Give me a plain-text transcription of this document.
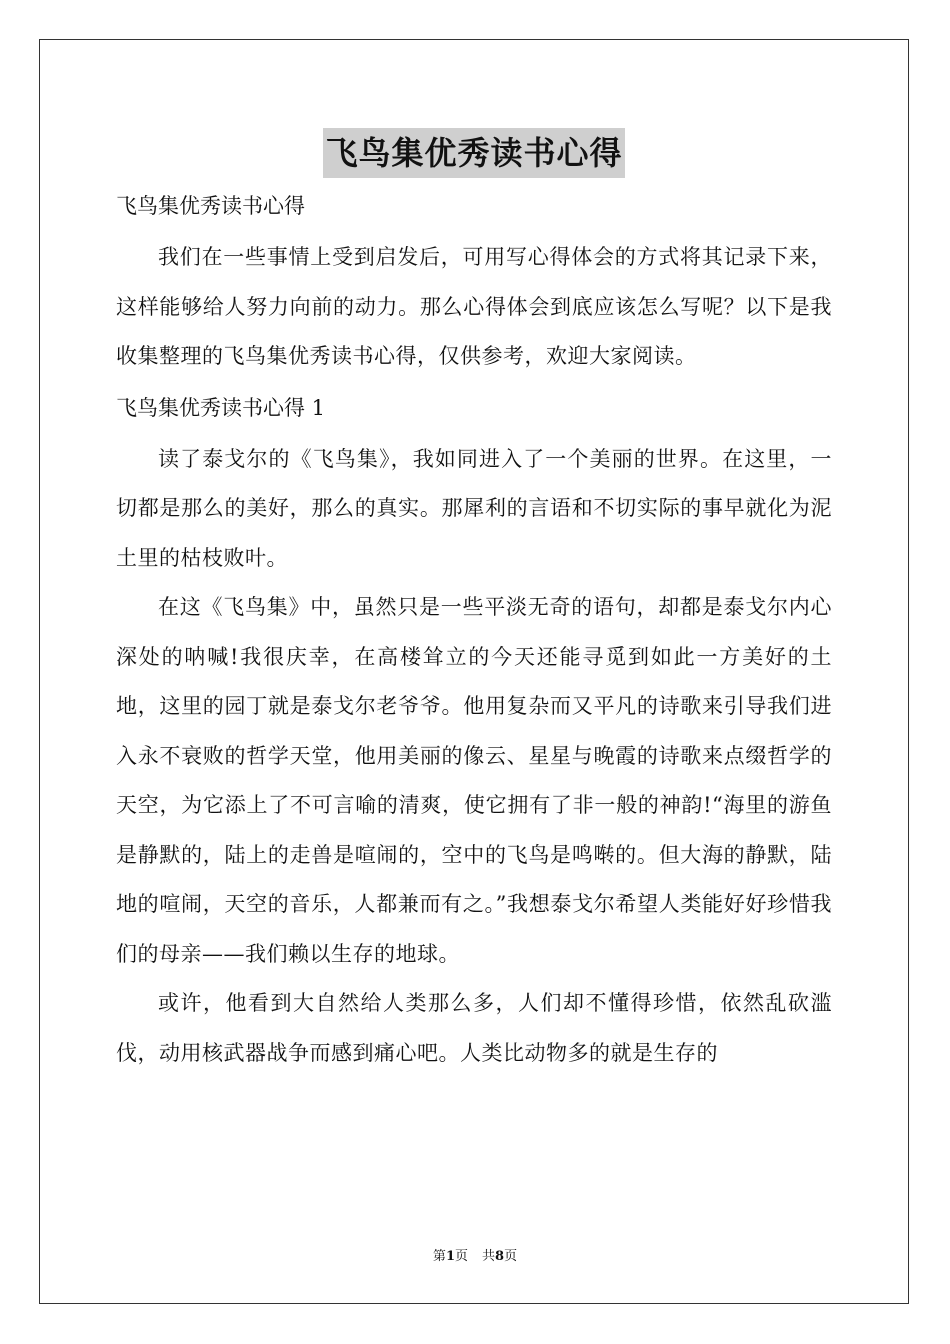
飞鸟集优秀读书心得

飞鸟集优秀读书心得

我们在一些事情上受到启发后，可用写心得体会的方式将其记录下来，这样能够给人努力向前的动力。那么心得体会到底应该怎么写呢？以下是我收集整理的飞鸟集优秀读书心得，仅供参考，欢迎大家阅读。

飞鸟集优秀读书心得 1

读了泰戈尔的《飞鸟集》，我如同进入了一个美丽的世界。在这里，一切都是那么的美好，那么的真实。那犀利的言语和不切实际的事早就化为泥土里的枯枝败叶。

在这《飞鸟集》中，虽然只是一些平淡无奇的语句，却都是泰戈尔内心深处的呐喊!我很庆幸，在高楼耸立的今天还能寻觅到如此一方美好的土地，这里的园丁就是泰戈尔老爷爷。他用复杂而又平凡的诗歌来引导我们进入永不衰败的哲学天堂，他用美丽的像云、星星与晚霞的诗歌来点缀哲学的天空，为它添上了不可言喻的清爽，使它拥有了非一般的神韵!“海里的游鱼是静默的，陆上的走兽是喧闹的，空中的飞鸟是鸣啭的。但大海的静默，陆地的喧闹，天空的音乐，人都兼而有之。”我想泰戈尔希望人类能好好珍惜我们的母亲——我们赖以生存的地球。

或许，他看到大自然给人类那么多，人们却不懂得珍惜，依然乱砍滥伐，动用核武器战争而感到痛心吧。人类比动物多的就是生存的

第1页 共8页
